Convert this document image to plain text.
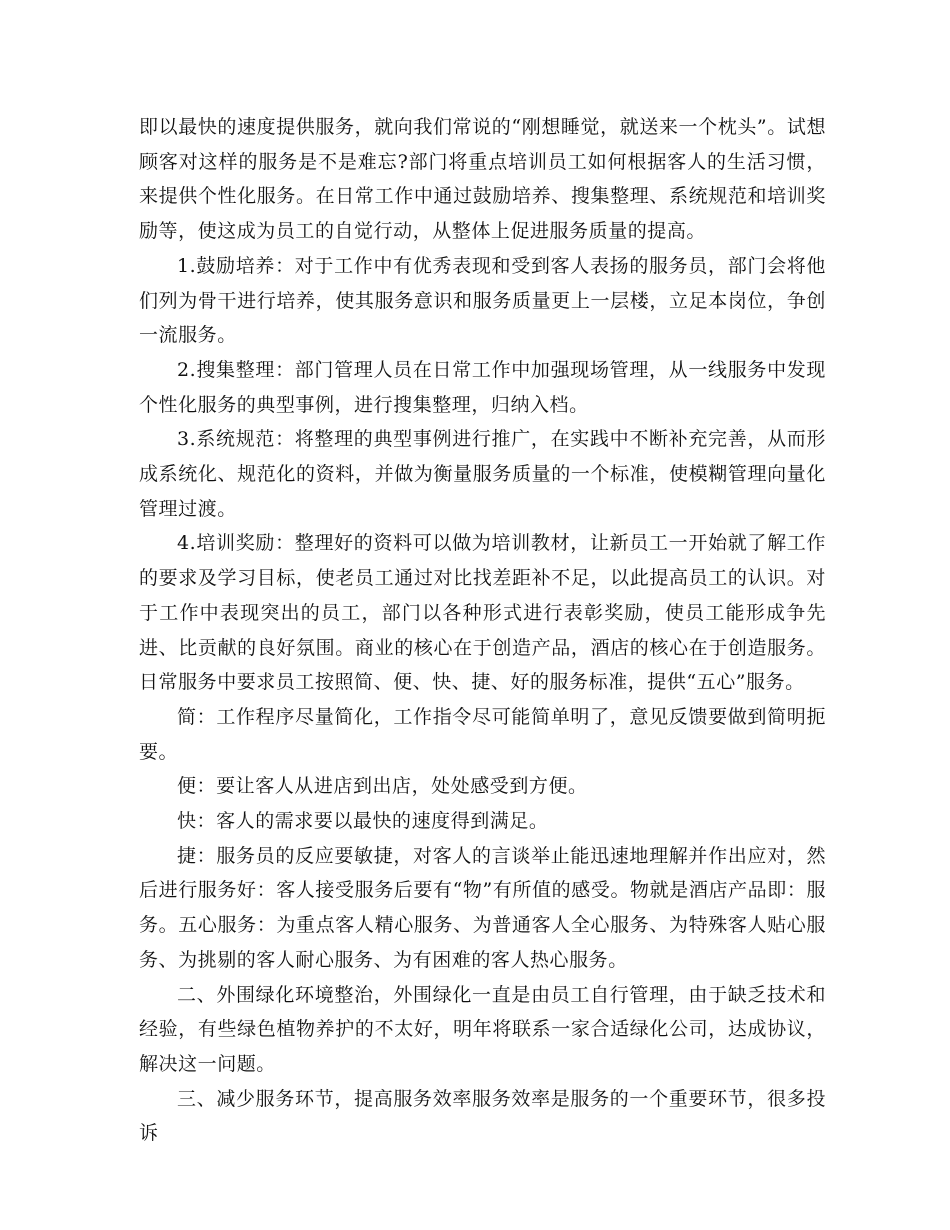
即以最快的速度提供服务，就向我们常说的“刚想睡觉，就送来一个枕头”。试想顾客对这样的服务是不是难忘?部门将重点培训员工如何根据客人的生活习惯，来提供个性化服务。在日常工作中通过鼓励培养、搜集整理、系统规范和培训奖励等，使这成为员工的自觉行动，从整体上促进服务质量的提高。

1.鼓励培养：对于工作中有优秀表现和受到客人表扬的服务员，部门会将他们列为骨干进行培养，使其服务意识和服务质量更上一层楼，立足本岗位，争创一流服务。

2.搜集整理：部门管理人员在日常工作中加强现场管理，从一线服务中发现个性化服务的典型事例，进行搜集整理，归纳入档。

3.系统规范：将整理的典型事例进行推广，在实践中不断补充完善，从而形成系统化、规范化的资料，并做为衡量服务质量的一个标准，使模糊管理向量化管理过渡。

4.培训奖励：整理好的资料可以做为培训教材，让新员工一开始就了解工作的要求及学习目标，使老员工通过对比找差距补不足，以此提高员工的认识。对于工作中表现突出的员工，部门以各种形式进行表彰奖励，使员工能形成争先进、比贡献的良好氛围。商业的核心在于创造产品，酒店的核心在于创造服务。日常服务中要求员工按照简、便、快、捷、好的服务标准，提供“五心”服务。

简：工作程序尽量简化，工作指令尽可能简单明了，意见反馈要做到简明扼要。

便：要让客人从进店到出店，处处感受到方便。

快：客人的需求要以最快的速度得到满足。

捷：服务员的反应要敏捷，对客人的言谈举止能迅速地理解并作出应对，然后进行服务好：客人接受服务后要有“物”有所值的感受。物就是酒店产品即：服务。五心服务：为重点客人精心服务、为普通客人全心服务、为特殊客人贴心服务、为挑剔的客人耐心服务、为有困难的客人热心服务。

二、外围绿化环境整治，外围绿化一直是由员工自行管理，由于缺乏技术和经验，有些绿色植物养护的不太好，明年将联系一家合适绿化公司，达成协议，解决这一问题。

三、减少服务环节，提高服务效率服务效率是服务的一个重要环节，很多投诉
